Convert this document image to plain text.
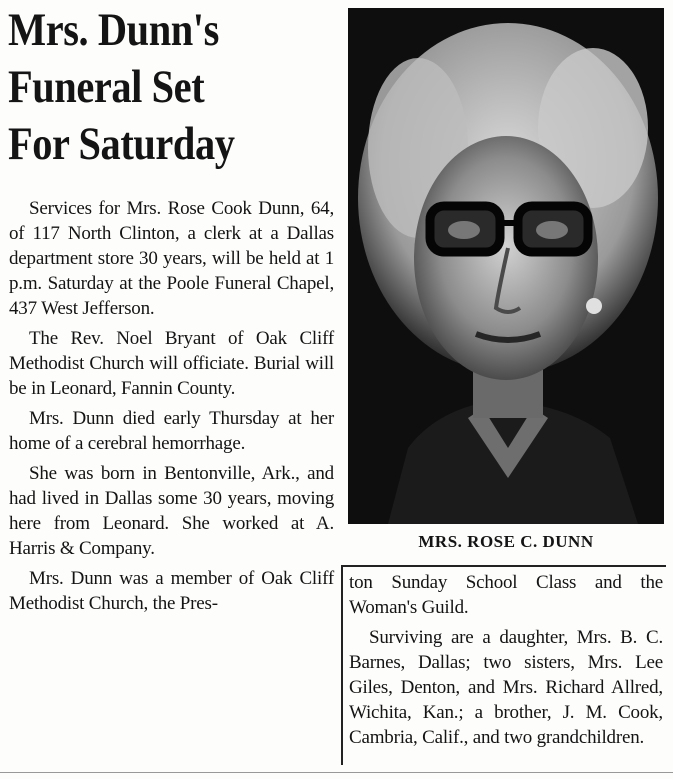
Mrs. Dunn's
Funeral Set
For Saturday

Services for Mrs. Rose Cook Dunn, 64, of 117 North Clinton, a clerk at a Dallas department store 30 years, will be held at 1 p.m. Saturday at the Poole Funeral Chapel, 437 West Jefferson.

The Rev. Noel Bryant of Oak Cliff Methodist Church will officiate. Burial will be in Leonard, Fannin County.

Mrs. Dunn died early Thursday at her home of a cerebral hemorrhage.

She was born in Bentonville, Ark., and had lived in Dallas some 30 years, moving here from Leonard. She worked at A. Harris & Company.

Mrs. Dunn was a member of Oak Cliff Methodist Church, the Pres-

MRS. ROSE C. DUNN

ton Sunday School Class and the Woman's Guild.

Surviving are a daughter, Mrs. B. C. Barnes, Dallas; two sisters, Mrs. Lee Giles, Denton, and Mrs. Richard Allred, Wichita, Kan.; a brother, J. M. Cook, Cambria, Calif., and two grandchildren.
